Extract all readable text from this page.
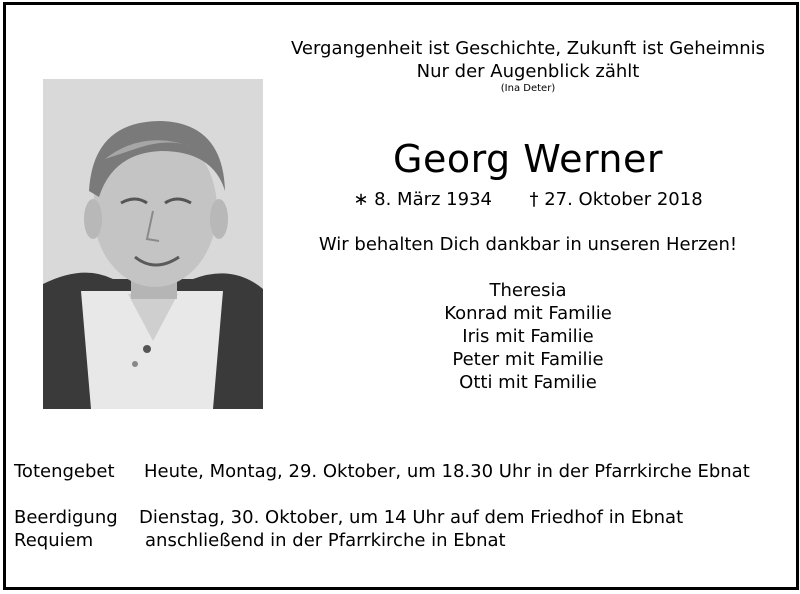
Vergangenheit ist Geschichte, Zukunft ist Geheimnis
Nur der Augenblick zählt
(Ina Deter)
Georg Werner
∗ 8. März 1934 † 27. Oktober 2018
Wir behalten Dich dankbar in unseren Herzen!
Theresia
Konrad mit Familie
Iris mit Familie
Peter mit Familie
Otti mit Familie
Totengebet Heute, Montag, 29. Oktober, um 18.30 Uhr in der Pfarrkirche Ebnat
Beerdigung Dienstag, 30. Oktober, um 14 Uhr auf dem Friedhof in Ebnat
Requiem	anschließend in der Pfarrkirche in Ebnat
